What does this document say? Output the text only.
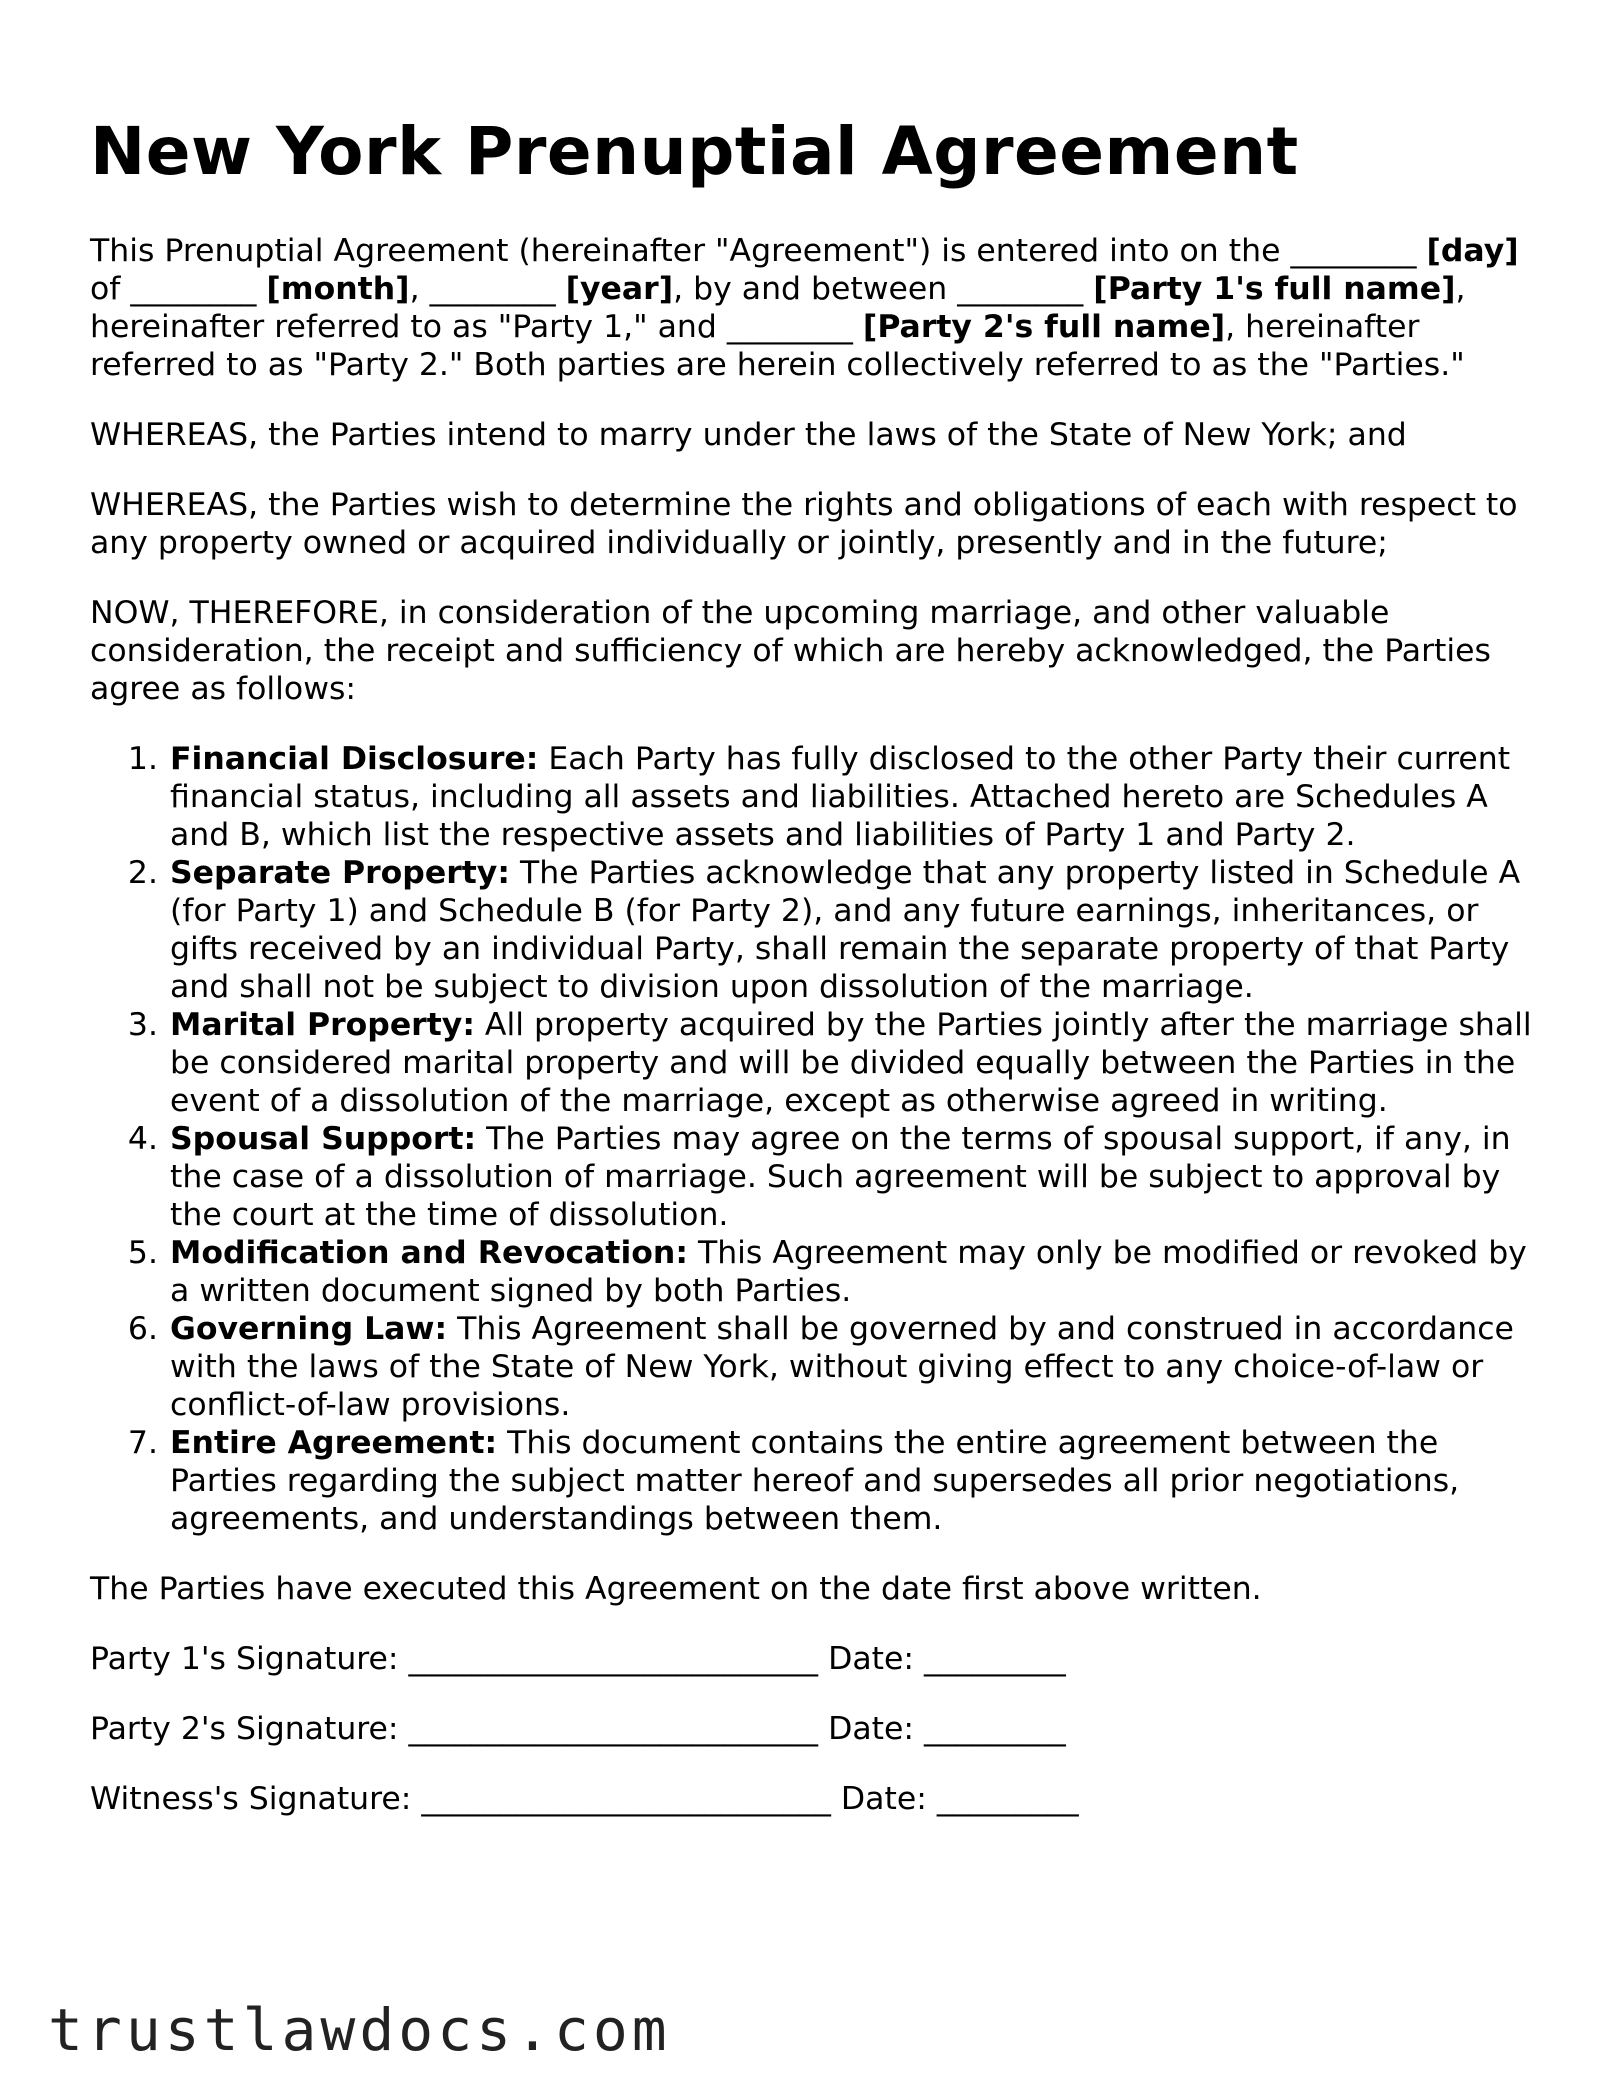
New York Prenuptial Agreement

This Prenuptial Agreement (hereinafter "Agreement") is entered into on the ________ [day] of ________ [month], ________ [year], by and between ________ [Party 1's full name], hereinafter referred to as "Party 1," and ________ [Party 2's full name], hereinafter referred to as "Party 2." Both parties are herein collectively referred to as the "Parties."

WHEREAS, the Parties intend to marry under the laws of the State of New York; and

WHEREAS, the Parties wish to determine the rights and obligations of each with respect to any property owned or acquired individually or jointly, presently and in the future;

NOW, THEREFORE, in consideration of the upcoming marriage, and other valuable consideration, the receipt and sufficiency of which are hereby acknowledged, the Parties agree as follows:

1. Financial Disclosure: Each Party has fully disclosed to the other Party their current financial status, including all assets and liabilities. Attached hereto are Schedules A and B, which list the respective assets and liabilities of Party 1 and Party 2.
2. Separate Property: The Parties acknowledge that any property listed in Schedule A (for Party 1) and Schedule B (for Party 2), and any future earnings, inheritances, or gifts received by an individual Party, shall remain the separate property of that Party and shall not be subject to division upon dissolution of the marriage.
3. Marital Property: All property acquired by the Parties jointly after the marriage shall be considered marital property and will be divided equally between the Parties in the event of a dissolution of the marriage, except as otherwise agreed in writing.
4. Spousal Support: The Parties may agree on the terms of spousal support, if any, in the case of a dissolution of marriage. Such agreement will be subject to approval by the court at the time of dissolution.
5. Modification and Revocation: This Agreement may only be modified or revoked by a written document signed by both Parties.
6. Governing Law: This Agreement shall be governed by and construed in accordance with the laws of the State of New York, without giving effect to any choice-of-law or conflict-of-law provisions.
7. Entire Agreement: This document contains the entire agreement between the Parties regarding the subject matter hereof and supersedes all prior negotiations, agreements, and understandings between them.

The Parties have executed this Agreement on the date first above written.

Party 1's Signature: __________________________ Date: _________
Party 2's Signature: __________________________ Date: _________
Witness's Signature: __________________________ Date: _________
trustlawdocs.com
